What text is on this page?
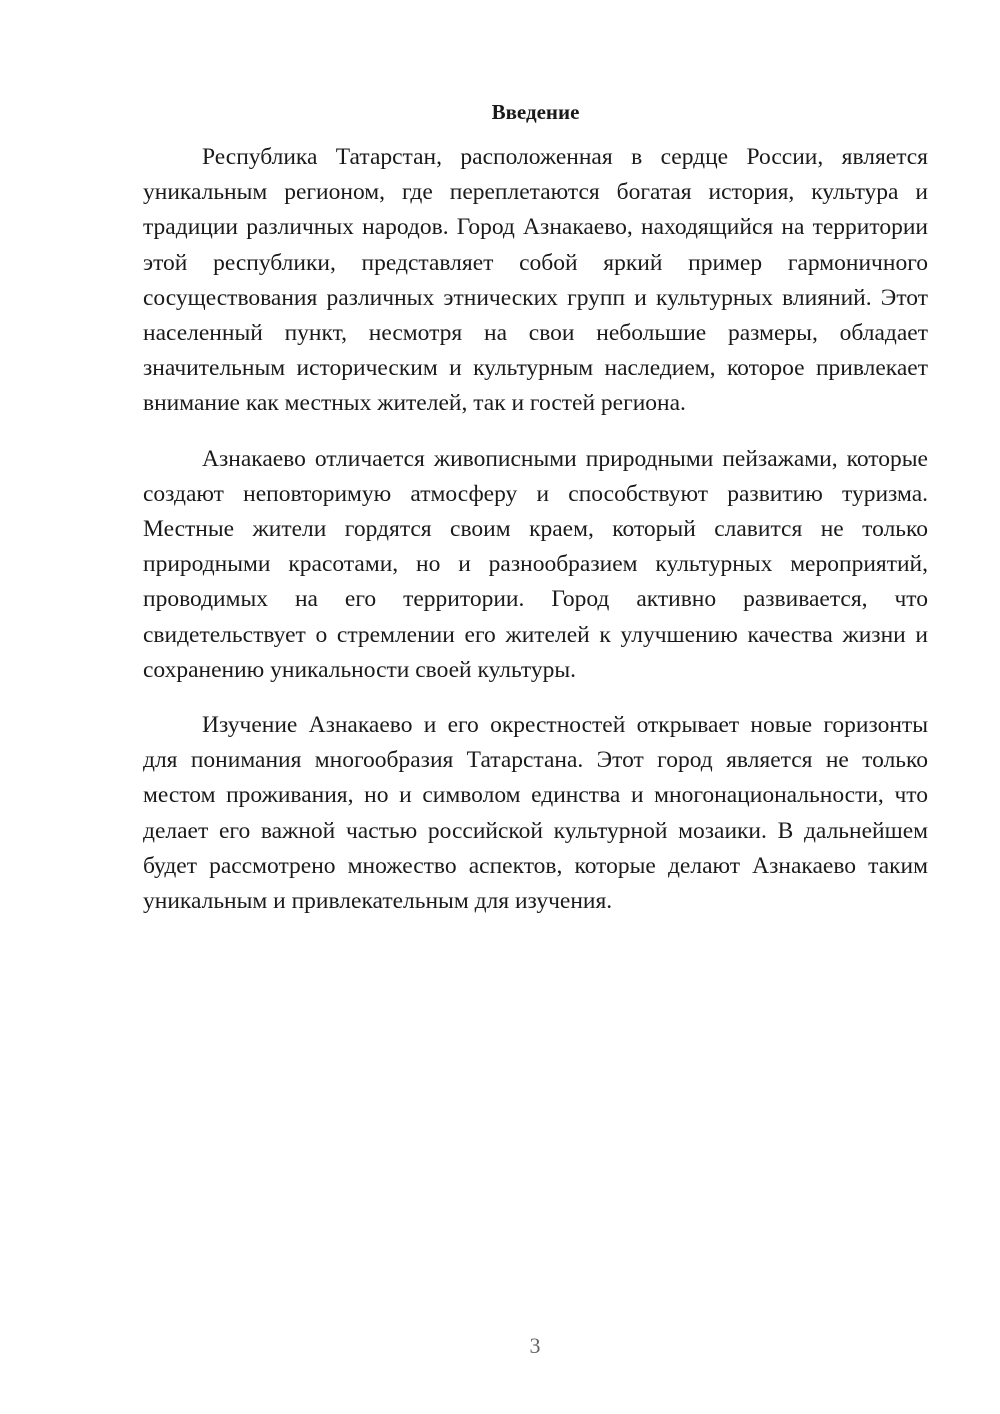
Введение

Республика Татарстан, расположенная в сердце России, является уникальным регионом, где переплетаются богатая история, культура и традиции различных народов. Город Азнакаево, находящийся на территории этой республики, представляет собой яркий пример гармоничного сосуществования различных этнических групп и культурных влияний. Этот населенный пункт, несмотря на свои небольшие размеры, обладает значительным историческим и культурным наследием, которое привлекает внимание как местных жителей, так и гостей региона.

Азнакаево отличается живописными природными пейзажами, которые создают неповторимую атмосферу и способствуют развитию туризма. Местные жители гордятся своим краем, который славится не только природными красотами, но и разнообразием культурных мероприятий, проводимых на его территории. Город активно развивается, что свидетельствует о стремлении его жителей к улучшению качества жизни и сохранению уникальности своей культуры.

Изучение Азнакаево и его окрестностей открывает новые горизонты для понимания многообразия Татарстана. Этот город является не только местом проживания, но и символом единства и многонациональности, что делает его важной частью российской культурной мозаики. В дальнейшем будет рассмотрено множество аспектов, которые делают Азнакаево таким уникальным и привлекательным для изучения.

3
